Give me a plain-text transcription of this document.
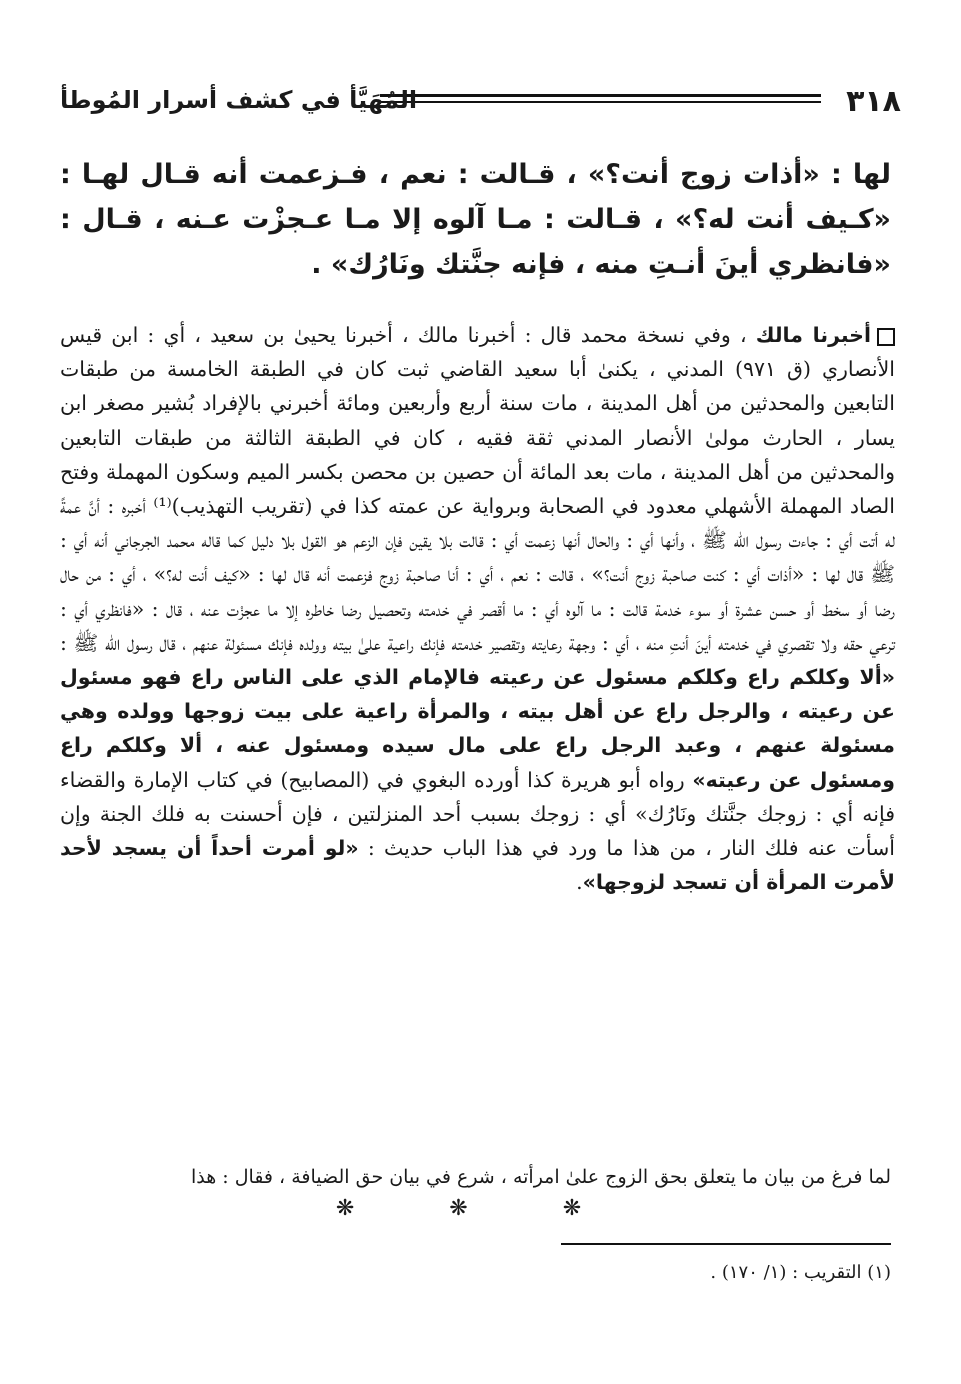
٣١٨
المُهَيَّأ في كشف أسرار المُوطأ

لها : «أذات زوج أنت؟» ، قـالت : نعم ، فـزعمت أنه قـال لهـا : «كـيف أنت له؟» ، قـالت : مـا آلوه إلا مـا عـجزْت عـنه ، قـال : «فانظري أينَ أنـتِ منه ، فإنه جنَّتك ونَارُك» .

أخبرنا مالك ، وفي نسخة محمد قال : أخبرنا مالك ، أخبرنا يحيىٰ بن سعيد ، أي : ابن قيس الأنصاري (ق ٩٧١) المدني ، يكنىٰ أبا سعيد القاضي ثبت كان في الطبقة الخامسة من طبقات التابعين والمحدثين من أهل المدينة ، مات سنة أربع وأربعين ومائة أخبرني بالإفراد بُشير مصغر ابن يسار ، الحارث مولىٰ الأنصار المدني ثقة فقيه ، كان في الطبقة الثالثة من طبقات التابعين والمحدثين من أهل المدينة ، مات بعد المائة أن حصين بن محصن بكسر الميم وسكون المهملة وفتح الصاد المهملة الأشهلي معدود في الصحابة وبرواية عن عمته كذا في (تقريب التهذيب)⁽¹⁾ أخبره : أنَّ عمةً له أتت أي : جاءت رسول الله ﷺ ، وأنها أي : والحال أنها زعمت أي : قالت بلا يقين فإن الزعم هو القول بلا دليل كما قاله محمد الجرجاني أنه أي : ﷺ قال لها : «أذات أي : كنت صاحبة زوج أنت؟» ، قالت : نعم ، أي : أنا صاحبة زوج فزعمت أنه قال لها : «كيف أنت له؟» ، أي : من حال رضا أو سخط أو حسن عشرة أو سوء خدمة قالت : ما آلوه أي : ما أقصر في خدمته وتحصيل رضا خاطره إلا ما عجزْت عنه ، قال : «فانظري أي : ترعي حقه ولا تقصري في خدمته أينَ أنتِ منه ، أي : وجهة رعايته وتقصير خدمته فإنك راعية علىٰ بيته وولده فإنك مسئولة عنهم ، قال رسول الله ﷺ : «ألا وكلكم راع وكلكم مسئول عن رعيته فالإمام الذي على الناس راع فهو مسئول عن رعيته ، والرجل راع عن أهل بيته ، والمرأة راعية على بيت زوجها وولده وهي مسئولة عنهم ، وعبد الرجل راع على مال سيده ومسئول عنه ، ألا وكلكم راع ومسئول عن رعيته» رواه أبو هريرة كذا أورده البغوي في (المصابيح) في كتاب الإمارة والقضاء فإنه أي : زوجك جنَّتك ونَارُك» أي : زوجك بسبب أحد المنزلتين ، فإن أحسنت به فلك الجنة وإن أسأت عنه فلك النار ، من هذا ما ورد في هذا الباب حديث : «لو أمرت أحداً أن يسجد لأحد لأمرت المرأة أن تسجد لزوجها».

لما فرغ من بيان ما يتعلق بحق الزوج علىٰ امرأته ، شرع في بيان حق الضيافة ، فقال : هذا

❋ ❋ ❋
(١) التقريب : (١/ ١٧٠) .
